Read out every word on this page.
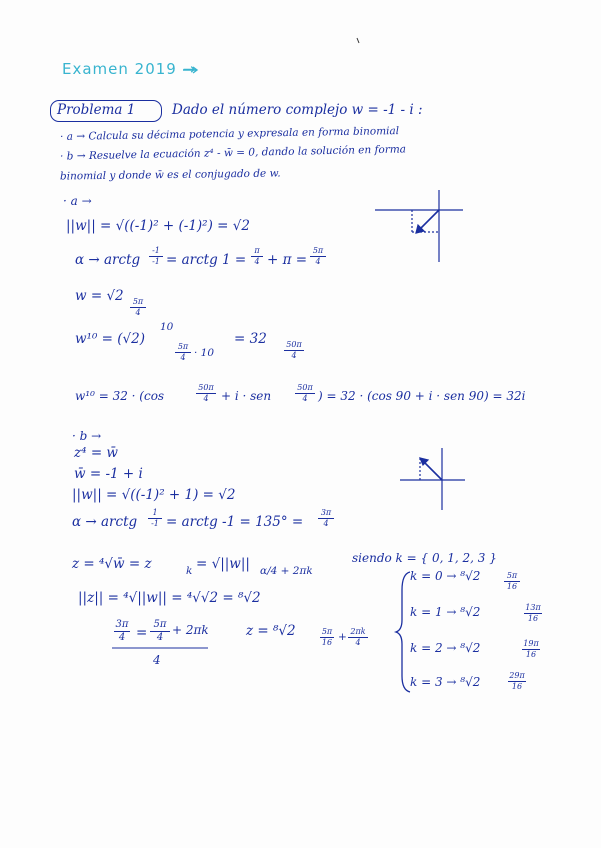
Examen 2019 →
Problema 1	Dado el número complejo w = -1 - i :
· a → Calcula su décima potencia y expresala en forma binomial
· b → Resuelve la ecuación z⁴ - w̄ = 0, dando la solución en forma
binomial y donde w̄ es el conjugado de w.
· a →
||w|| = √((-1)² + (-1)²) = √2
α → arctg
-1
-1 = arctg 1 =
π
4 + π =
5π
4
w = √2	5π
4
w¹⁰ = (√2)
10
5π
4 · 10
= 32 50π
4
w¹⁰ = 32 · (cos
50π
4	+ i · sen
50π
4 ) = 32 · (cos 90 + i · sen 90) = 32i
· b →
z⁴ = w̄
w̄ = -1 + i
||w|| = √((-1)² + 1) = √2
α → arctg
1
-1 = arctg -1 = 135° =
3π
4
z = ⁴√w̄ = z	k = √||w|| α/4 + 2πk
siendo k = { 0, 1, 2, 3 }
||z|| = ⁴√||w|| = ⁴√√2 = ⁸√2
3π
4 =
5π
4
+ 2πk
4
z = ⁸√2	5π
16 + 2πk
4
k = 0 → ⁸√2	5π
16
k = 1 → ⁸√2	13π
16
k = 2 → ⁸√2	19π
16
k = 3 → ⁸√2	29π
16
